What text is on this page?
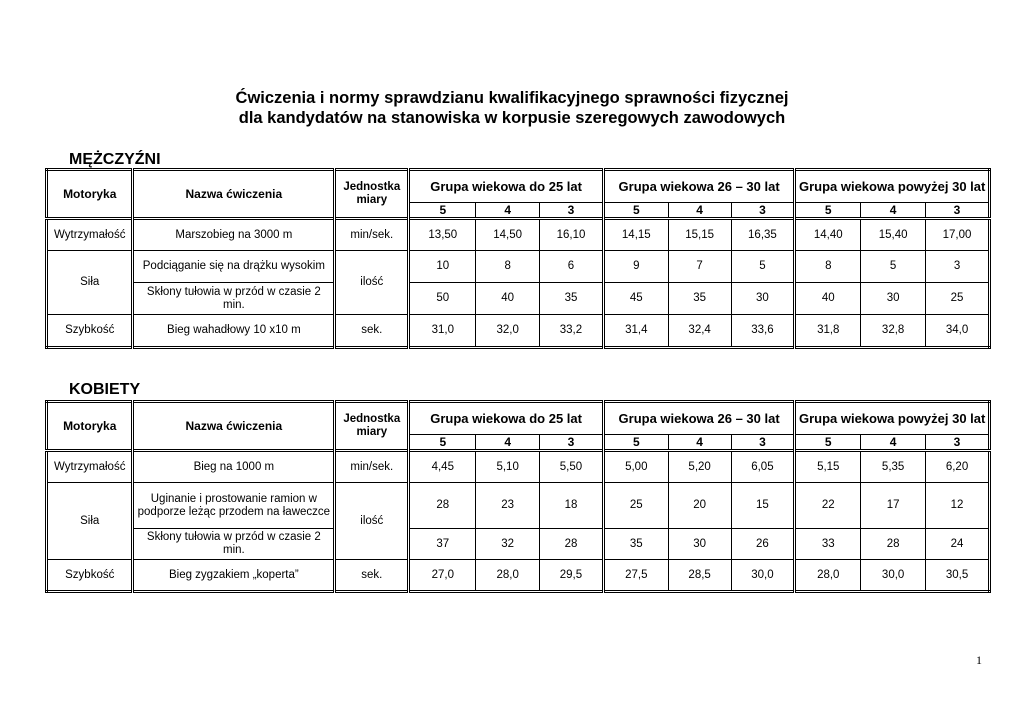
Ćwiczenia i normy sprawdzianu kwalifikacyjnego sprawności fizycznej
dla kandydatów na stanowiska w korpusie szeregowych zawodowych
MĘŻCZYŹNI
Motoryka	Nazwa ćwiczenia	Jednostka miary	Grupa wiekowa do 25 lat			Grupa wiekowa 26 – 30 lat			Grupa wiekowa powyżej 30 lat		
			5	4	3	5	4	3	5	4	3
Wytrzymałość	Marszobieg na 3000 m	min/sek.	13,50	14,50	16,10	14,15	15,15	16,35	14,40	15,40	17,00
Siła	Podciąganie się na drążku wysokim	ilość	10	8	6	9	7	5	8	5	3
	Skłony tułowia w przód w czasie 2 min.		50	40	35	45	35	30	40	30	25
Szybkość	Bieg wahadłowy 10 x10 m	sek.	31,0	32,0	33,2	31,4	32,4	33,6	31,8	32,8	34,0
KOBIETY
Motoryka	Nazwa ćwiczenia	Jednostka miary	Grupa wiekowa do 25 lat			Grupa wiekowa 26 – 30 lat			Grupa wiekowa powyżej 30 lat		
			5	4	3	5	4	3	5	4	3
Wytrzymałość	Bieg na 1000 m	min/sek.	4,45	5,10	5,50	5,00	5,20	6,05	5,15	5,35	6,20
Siła	Uginanie i prostowanie ramion w podporze leżąc przodem na ławeczce	ilość	28	23	18	25	20	15	22	17	12
	Skłony tułowia w przód w czasie 2 min.		37	32	28	35	30	26	33	28	24
Szybkość	Bieg zygzakiem „koperta”	sek.	27,0	28,0	29,5	27,5	28,5	30,0	28,0	30,0	30,5
1
